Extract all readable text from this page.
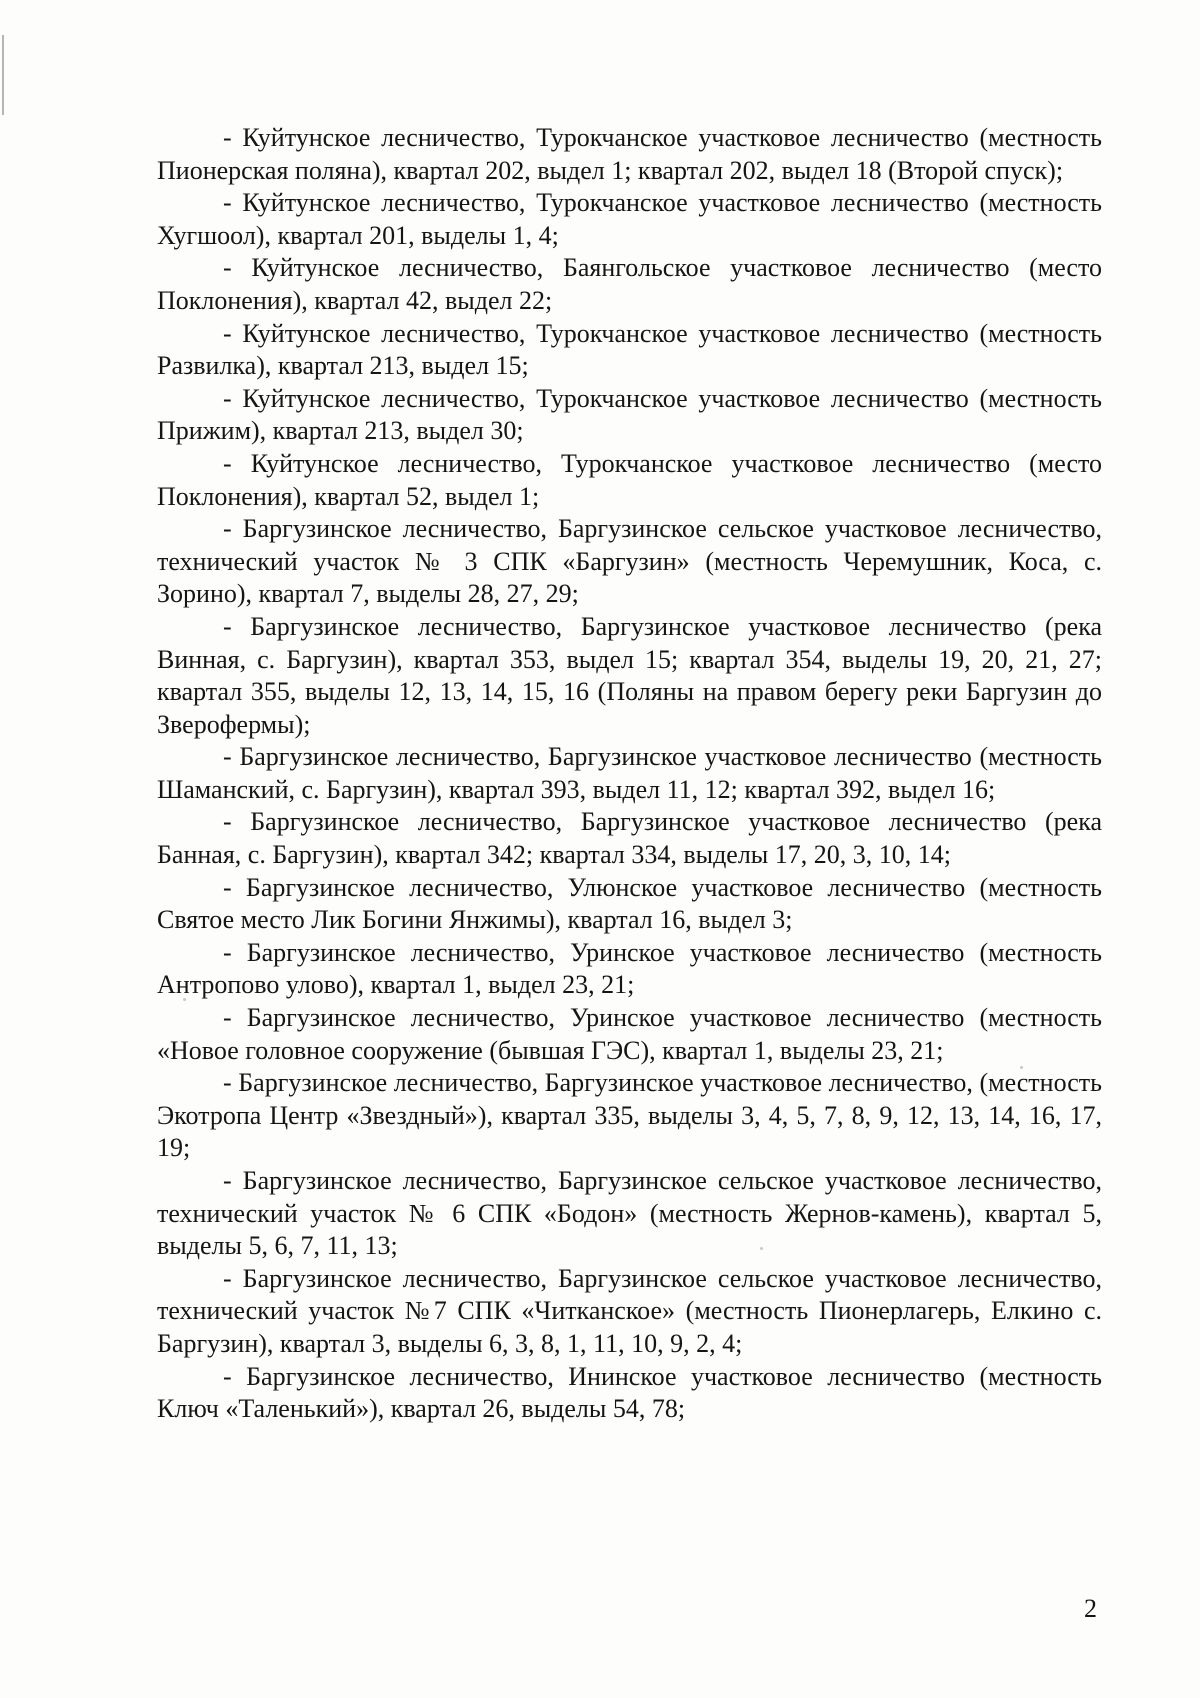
- Куйтунское лесничество, Турокчанское участковое лесничество (местность Пионерская поляна), квартал 202, выдел 1; квартал 202, выдел 18 (Второй спуск);

- Куйтунское лесничество, Турокчанское участковое лесничество (местность Хугшоол), квартал 201, выделы 1, 4;

- Куйтунское лесничество, Баянгольское участковое лесничество (место Поклонения), квартал 42, выдел 22;

- Куйтунское лесничество, Турокчанское участковое лесничество (местность Развилка), квартал 213, выдел 15;

- Куйтунское лесничество, Турокчанское участковое лесничество (местность Прижим), квартал 213, выдел 30;

- Куйтунское лесничество, Турокчанское участковое лесничество (место Поклонения), квартал 52, выдел 1;

- Баргузинское лесничество, Баргузинское сельское участковое лесничество, технический участок № 3 СПК «Баргузин» (местность Черемушник, Коса, с. Зорино), квартал 7, выделы 28, 27, 29;

- Баргузинское лесничество, Баргузинское участковое лесничество (река Винная, с. Баргузин), квартал 353, выдел 15; квартал 354, выделы 19, 20, 21, 27; квартал 355, выделы 12, 13, 14, 15, 16 (Поляны на правом берегу реки Баргузин до Зверофермы);

- Баргузинское лесничество, Баргузинское участковое лесничество (местность Шаманский, с. Баргузин), квартал 393, выдел 11, 12; квартал 392, выдел 16;

- Баргузинское лесничество, Баргузинское участковое лесничество (река Банная, с. Баргузин), квартал 342; квартал 334, выделы 17, 20, 3, 10, 14;

- Баргузинское лесничество, Улюнское участковое лесничество (местность Святое место Лик Богини Янжимы), квартал 16, выдел 3;

- Баргузинское лесничество, Уринское участковое лесничество (местность Антропово улово), квартал 1, выдел 23, 21;

- Баргузинское лесничество, Уринское участковое лесничество (местность «Новое головное сооружение (бывшая ГЭС), квартал 1, выделы 23, 21;

- Баргузинское лесничество, Баргузинское участковое лесничество, (местность Экотропа Центр «Звездный»), квартал 335, выделы 3, 4, 5, 7, 8, 9, 12, 13, 14, 16, 17, 19;

- Баргузинское лесничество, Баргузинское сельское участковое лесничество, технический участок № 6 СПК «Бодон» (местность Жернов-камень), квартал 5, выделы 5, 6, 7, 11, 13;

- Баргузинское лесничество, Баргузинское сельское участковое лесничество, технический участок №7 СПК «Читканское» (местность Пионерлагерь, Елкино с. Баргузин), квартал 3, выделы 6, 3, 8, 1, 11, 10, 9, 2, 4;

- Баргузинское лесничество, Ининское участковое лесничество (местность Ключ «Таленький»), квартал 26, выделы 54, 78;

2
